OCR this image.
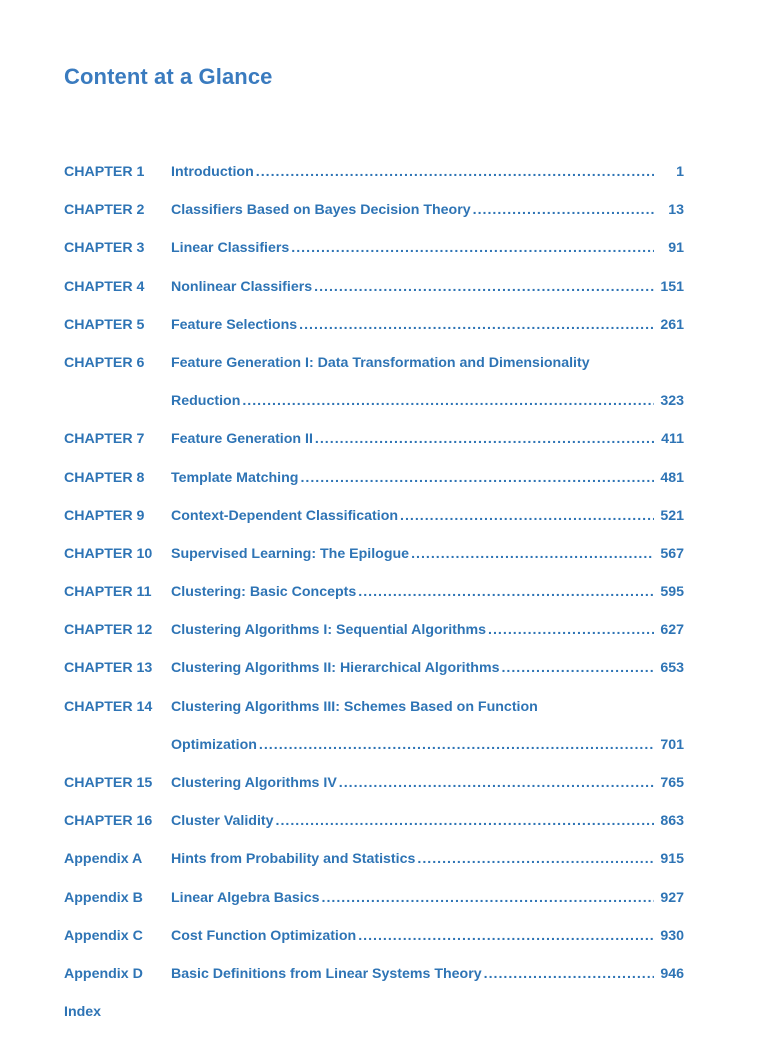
Content at a Glance
CHAPTER 1 Introduction .....	1
CHAPTER 2 Classifiers Based on Bayes Decision Theory .....	13
CHAPTER 3 Linear Classifiers .....	91
CHAPTER 4 Nonlinear Classifiers .....	151
CHAPTER 5 Feature Selections .....	261
CHAPTER 6 Feature Generation I: Data Transformation and Dimensionality
Reduction .....	323
CHAPTER 7 Feature Generation II .....	411
CHAPTER 8 Template Matching .....	481
CHAPTER 9 Context-Dependent Classification .....	521
CHAPTER 10 Supervised Learning: The Epilogue .....	567
CHAPTER 11 Clustering: Basic Concepts .....	595
CHAPTER 12 Clustering Algorithms I: Sequential Algorithms .....	627
CHAPTER 13 Clustering Algorithms II: Hierarchical Algorithms .....	653
CHAPTER 14 Clustering Algorithms III: Schemes Based on Function
Optimization .....	701
CHAPTER 15 Clustering Algorithms IV .....	765
CHAPTER 16 Cluster Validity .....	863
Appendix A Hints from Probability and Statistics .....	915
Appendix B Linear Algebra Basics .....	927
Appendix C Cost Function Optimization .....	930
Appendix D Basic Definitions from Linear Systems Theory .....	946
Index
